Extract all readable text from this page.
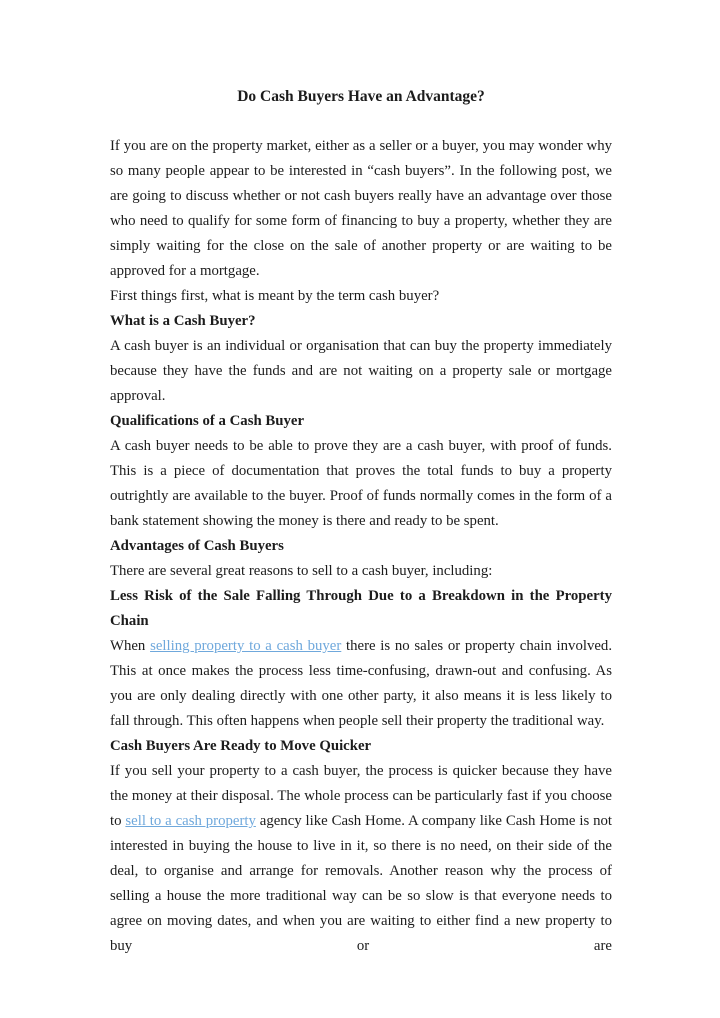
Do Cash Buyers Have an Advantage?

If you are on the property market, either as a seller or a buyer, you may wonder why so many people appear to be interested in “cash buyers”. In the following post, we are going to discuss whether or not cash buyers really have an advantage over those who need to qualify for some form of financing to buy a property, whether they are simply waiting for the close on the sale of another property or are waiting to be approved for a mortgage.

First things first, what is meant by the term cash buyer?

What is a Cash Buyer?

A cash buyer is an individual or organisation that can buy the property immediately because they have the funds and are not waiting on a property sale or mortgage approval.

Qualifications of a Cash Buyer

A cash buyer needs to be able to prove they are a cash buyer, with proof of funds. This is a piece of documentation that proves the total funds to buy a property outrightly are available to the buyer. Proof of funds normally comes in the form of a bank statement showing the money is there and ready to be spent.

Advantages of Cash Buyers

There are several great reasons to sell to a cash buyer, including:

Less Risk of the Sale Falling Through Due to a Breakdown in the Property Chain

When selling property to a cash buyer there is no sales or property chain involved. This at once makes the process less time-confusing, drawn-out and confusing. As you are only dealing directly with one other party, it also means it is less likely to fall through. This often happens when people sell their property the traditional way.

Cash Buyers Are Ready to Move Quicker

If you sell your property to a cash buyer, the process is quicker because they have the money at their disposal. The whole process can be particularly fast if you choose to sell to a cash property agency like Cash Home. A company like Cash Home is not interested in buying the house to live in it, so there is no need, on their side of the deal, to organise and arrange for removals. Another reason why the process of selling a house the more traditional way can be so slow is that everyone needs to agree on moving dates, and when you are waiting to either find a new property to buy or are
